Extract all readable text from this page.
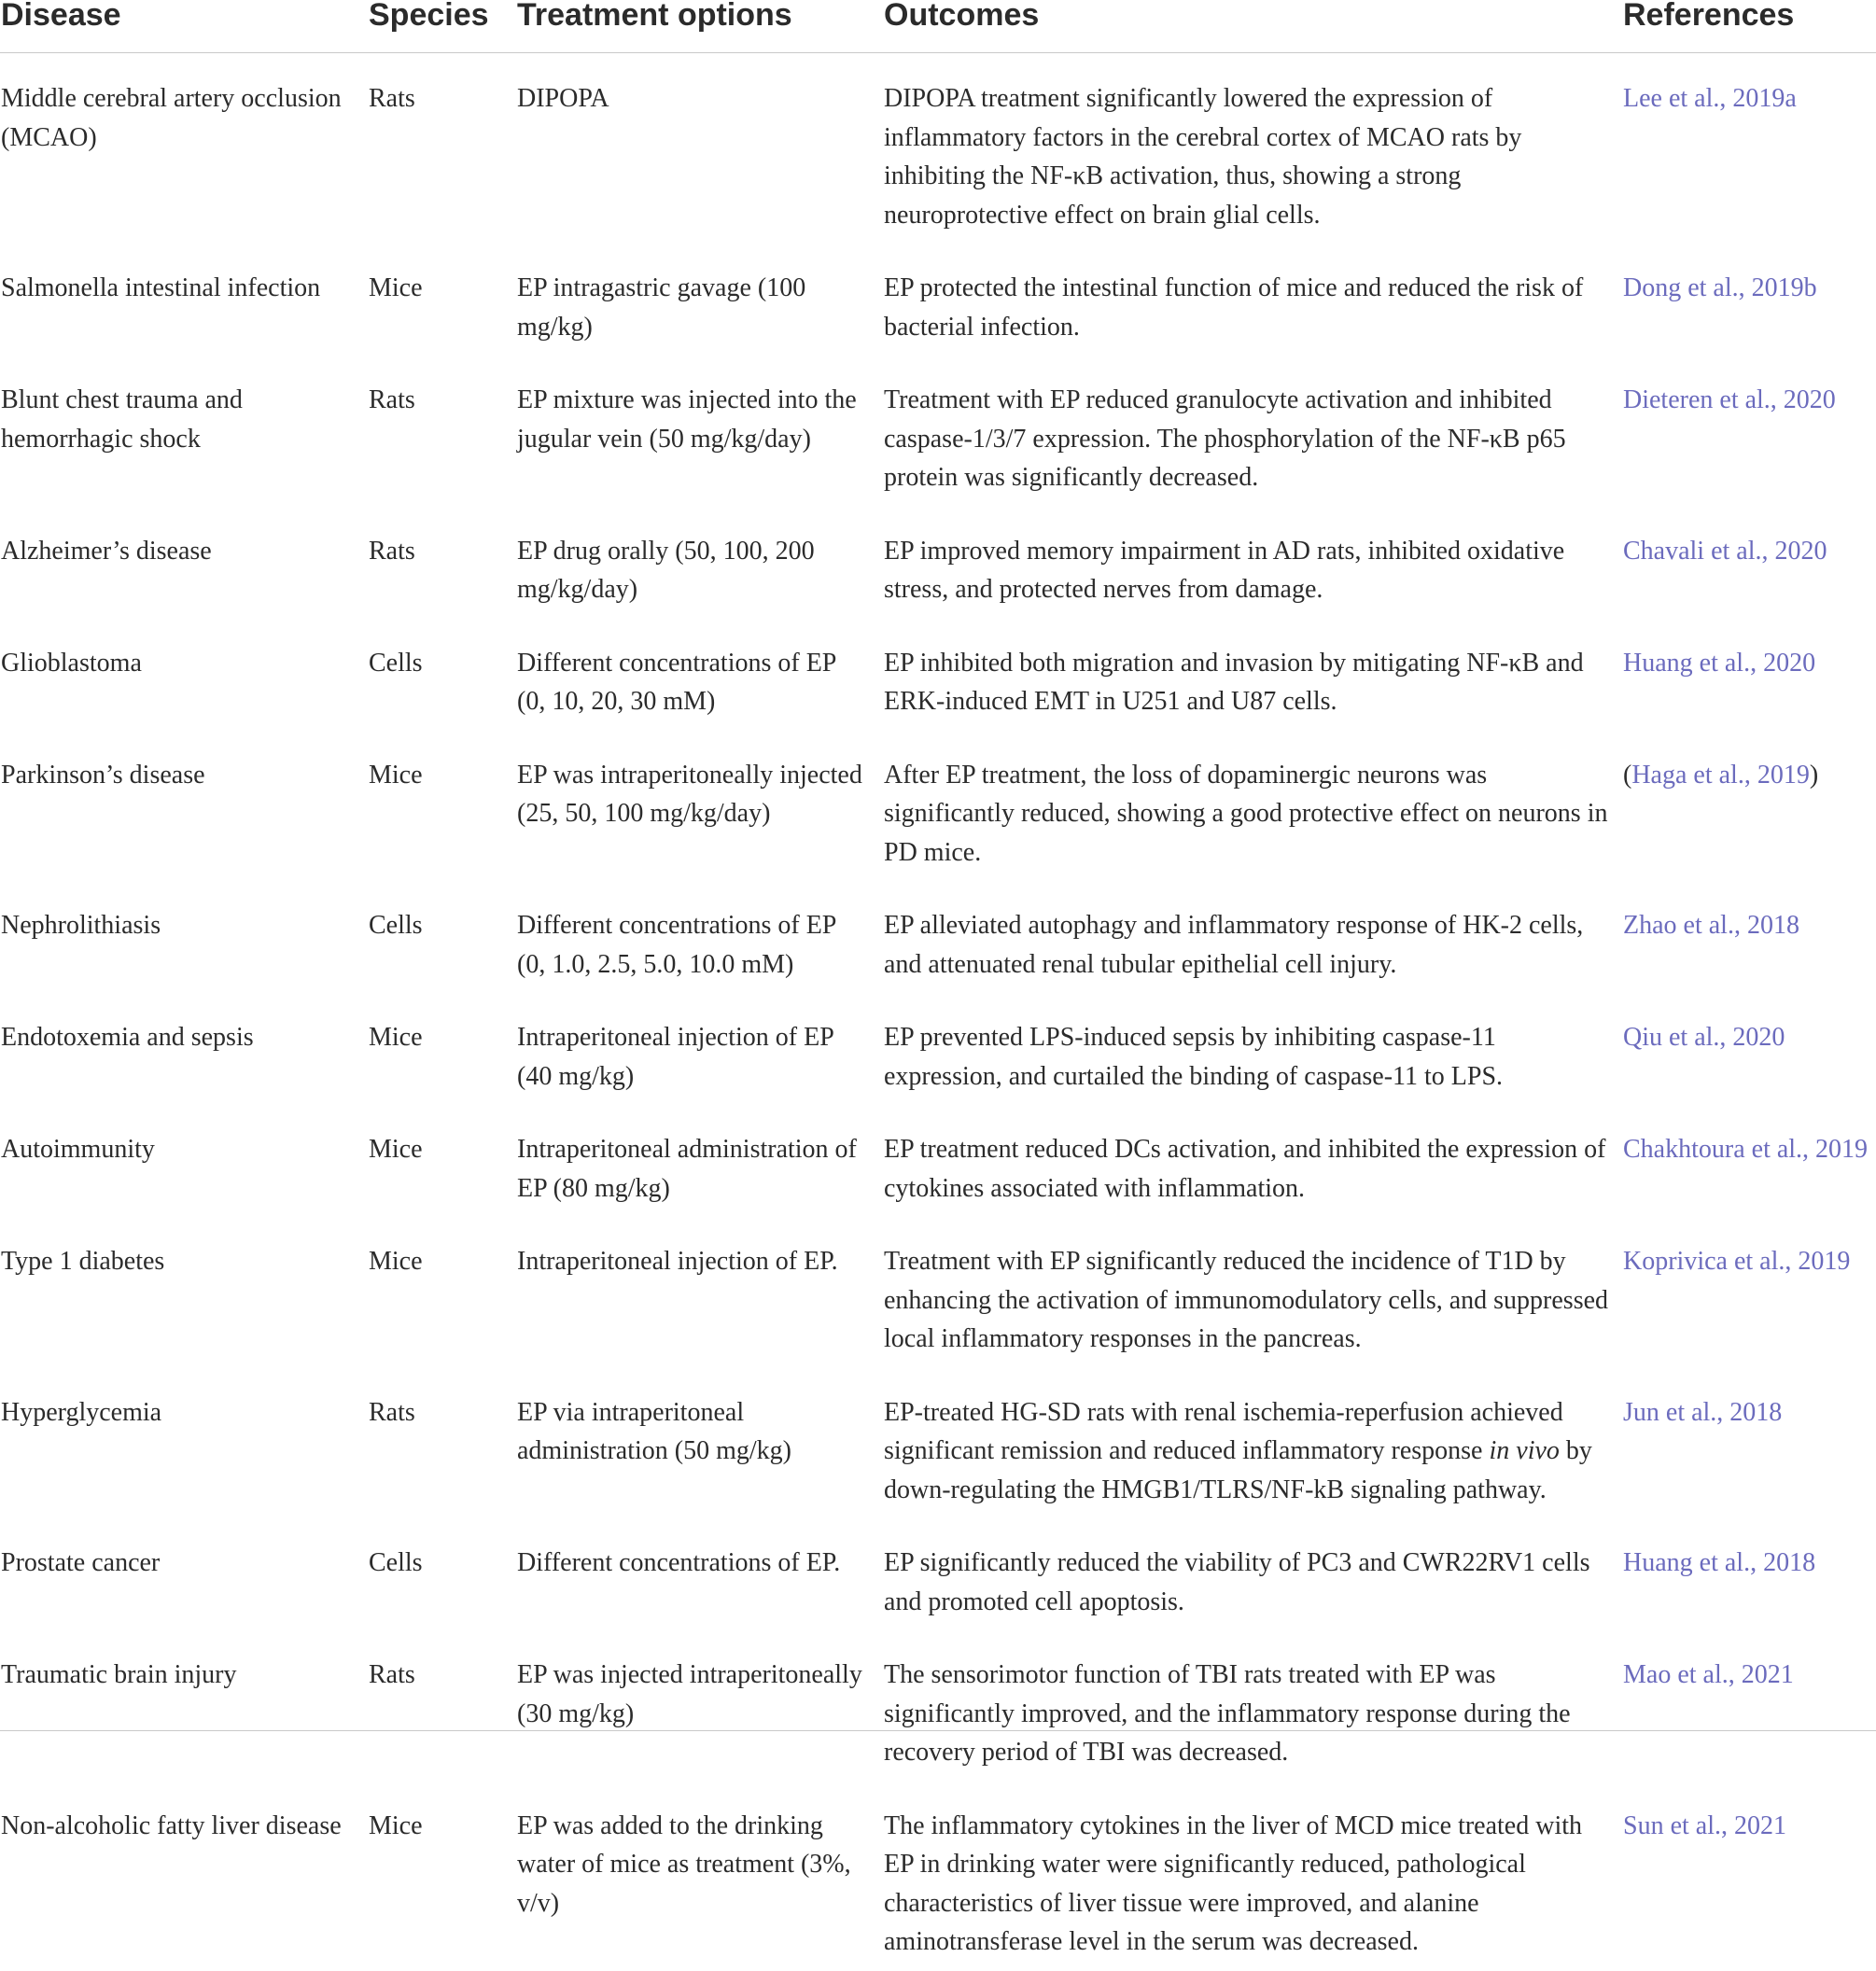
Disease	Species	Treatment options	Outcomes	References
Middle cerebral artery occlusion (MCAO)	Rats	DIPOPA	DIPOPA treatment significantly lowered the expression of inflammatory factors in the cerebral cortex of MCAO rats by inhibiting the NF-κB activation, thus, showing a strong neuroprotective effect on brain glial cells.	Lee et al., 2019a
Salmonella intestinal infection	Mice	EP intragastric gavage (100 mg/kg)	EP protected the intestinal function of mice and reduced the risk of bacterial infection.	Dong et al., 2019b
Blunt chest trauma and hemorrhagic shock	Rats	EP mixture was injected into the jugular vein (50 mg/kg/day)	Treatment with EP reduced granulocyte activation and inhibited caspase-1/3/7 expression. The phosphorylation of the NF-κB p65 protein was significantly decreased.	Dieteren et al., 2020
Alzheimer’s disease	Rats	EP drug orally (50, 100, 200 mg/kg/day)	EP improved memory impairment in AD rats, inhibited oxidative stress, and protected nerves from damage.	Chavali et al., 2020
Glioblastoma	Cells	Different concentrations of EP (0, 10, 20, 30 mM)	EP inhibited both migration and invasion by mitigating NF-κB and ERK-induced EMT in U251 and U87 cells.	Huang et al., 2020
Parkinson’s disease	Mice	EP was intraperitoneally injected (25, 50, 100 mg/kg/day)	After EP treatment, the loss of dopaminergic neurons was significantly reduced, showing a good protective effect on neurons in PD mice.	(Haga et al., 2019)
Nephrolithiasis	Cells	Different concentrations of EP (0, 1.0, 2.5, 5.0, 10.0 mM)	EP alleviated autophagy and inflammatory response of HK-2 cells, and attenuated renal tubular epithelial cell injury.	Zhao et al., 2018
Endotoxemia and sepsis	Mice	Intraperitoneal injection of EP (40 mg/kg)	EP prevented LPS-induced sepsis by inhibiting caspase-11 expression, and curtailed the binding of caspase-11 to LPS.	Qiu et al., 2020
Autoimmunity	Mice	Intraperitoneal administration of EP (80 mg/kg)	EP treatment reduced DCs activation, and inhibited the expression of cytokines associated with inflammation.	Chakhtoura et al., 2019
Type 1 diabetes	Mice	Intraperitoneal injection of EP.	Treatment with EP significantly reduced the incidence of T1D by enhancing the activation of immunomodulatory cells, and suppressed local inflammatory responses in the pancreas.	Koprivica et al., 2019
Hyperglycemia	Rats	EP via intraperitoneal administration (50 mg/kg)	EP-treated HG-SD rats with renal ischemia-reperfusion achieved significant remission and reduced inflammatory response in vivo by down-regulating the HMGB1/TLRS/NF-kB signaling pathway.	Jun et al., 2018
Prostate cancer	Cells	Different concentrations of EP.	EP significantly reduced the viability of PC3 and CWR22RV1 cells and promoted cell apoptosis.	Huang et al., 2018
Traumatic brain injury	Rats	EP was injected intraperitoneally (30 mg/kg)	The sensorimotor function of TBI rats treated with EP was significantly improved, and the inflammatory response during the recovery period of TBI was decreased.	Mao et al., 2021
Non-alcoholic fatty liver disease	Mice	EP was added to the drinking water of mice as treatment (3%, v/v)	The inflammatory cytokines in the liver of MCD mice treated with EP in drinking water were significantly reduced, pathological characteristics of liver tissue were improved, and alanine aminotransferase level in the serum was decreased.	Sun et al., 2021
